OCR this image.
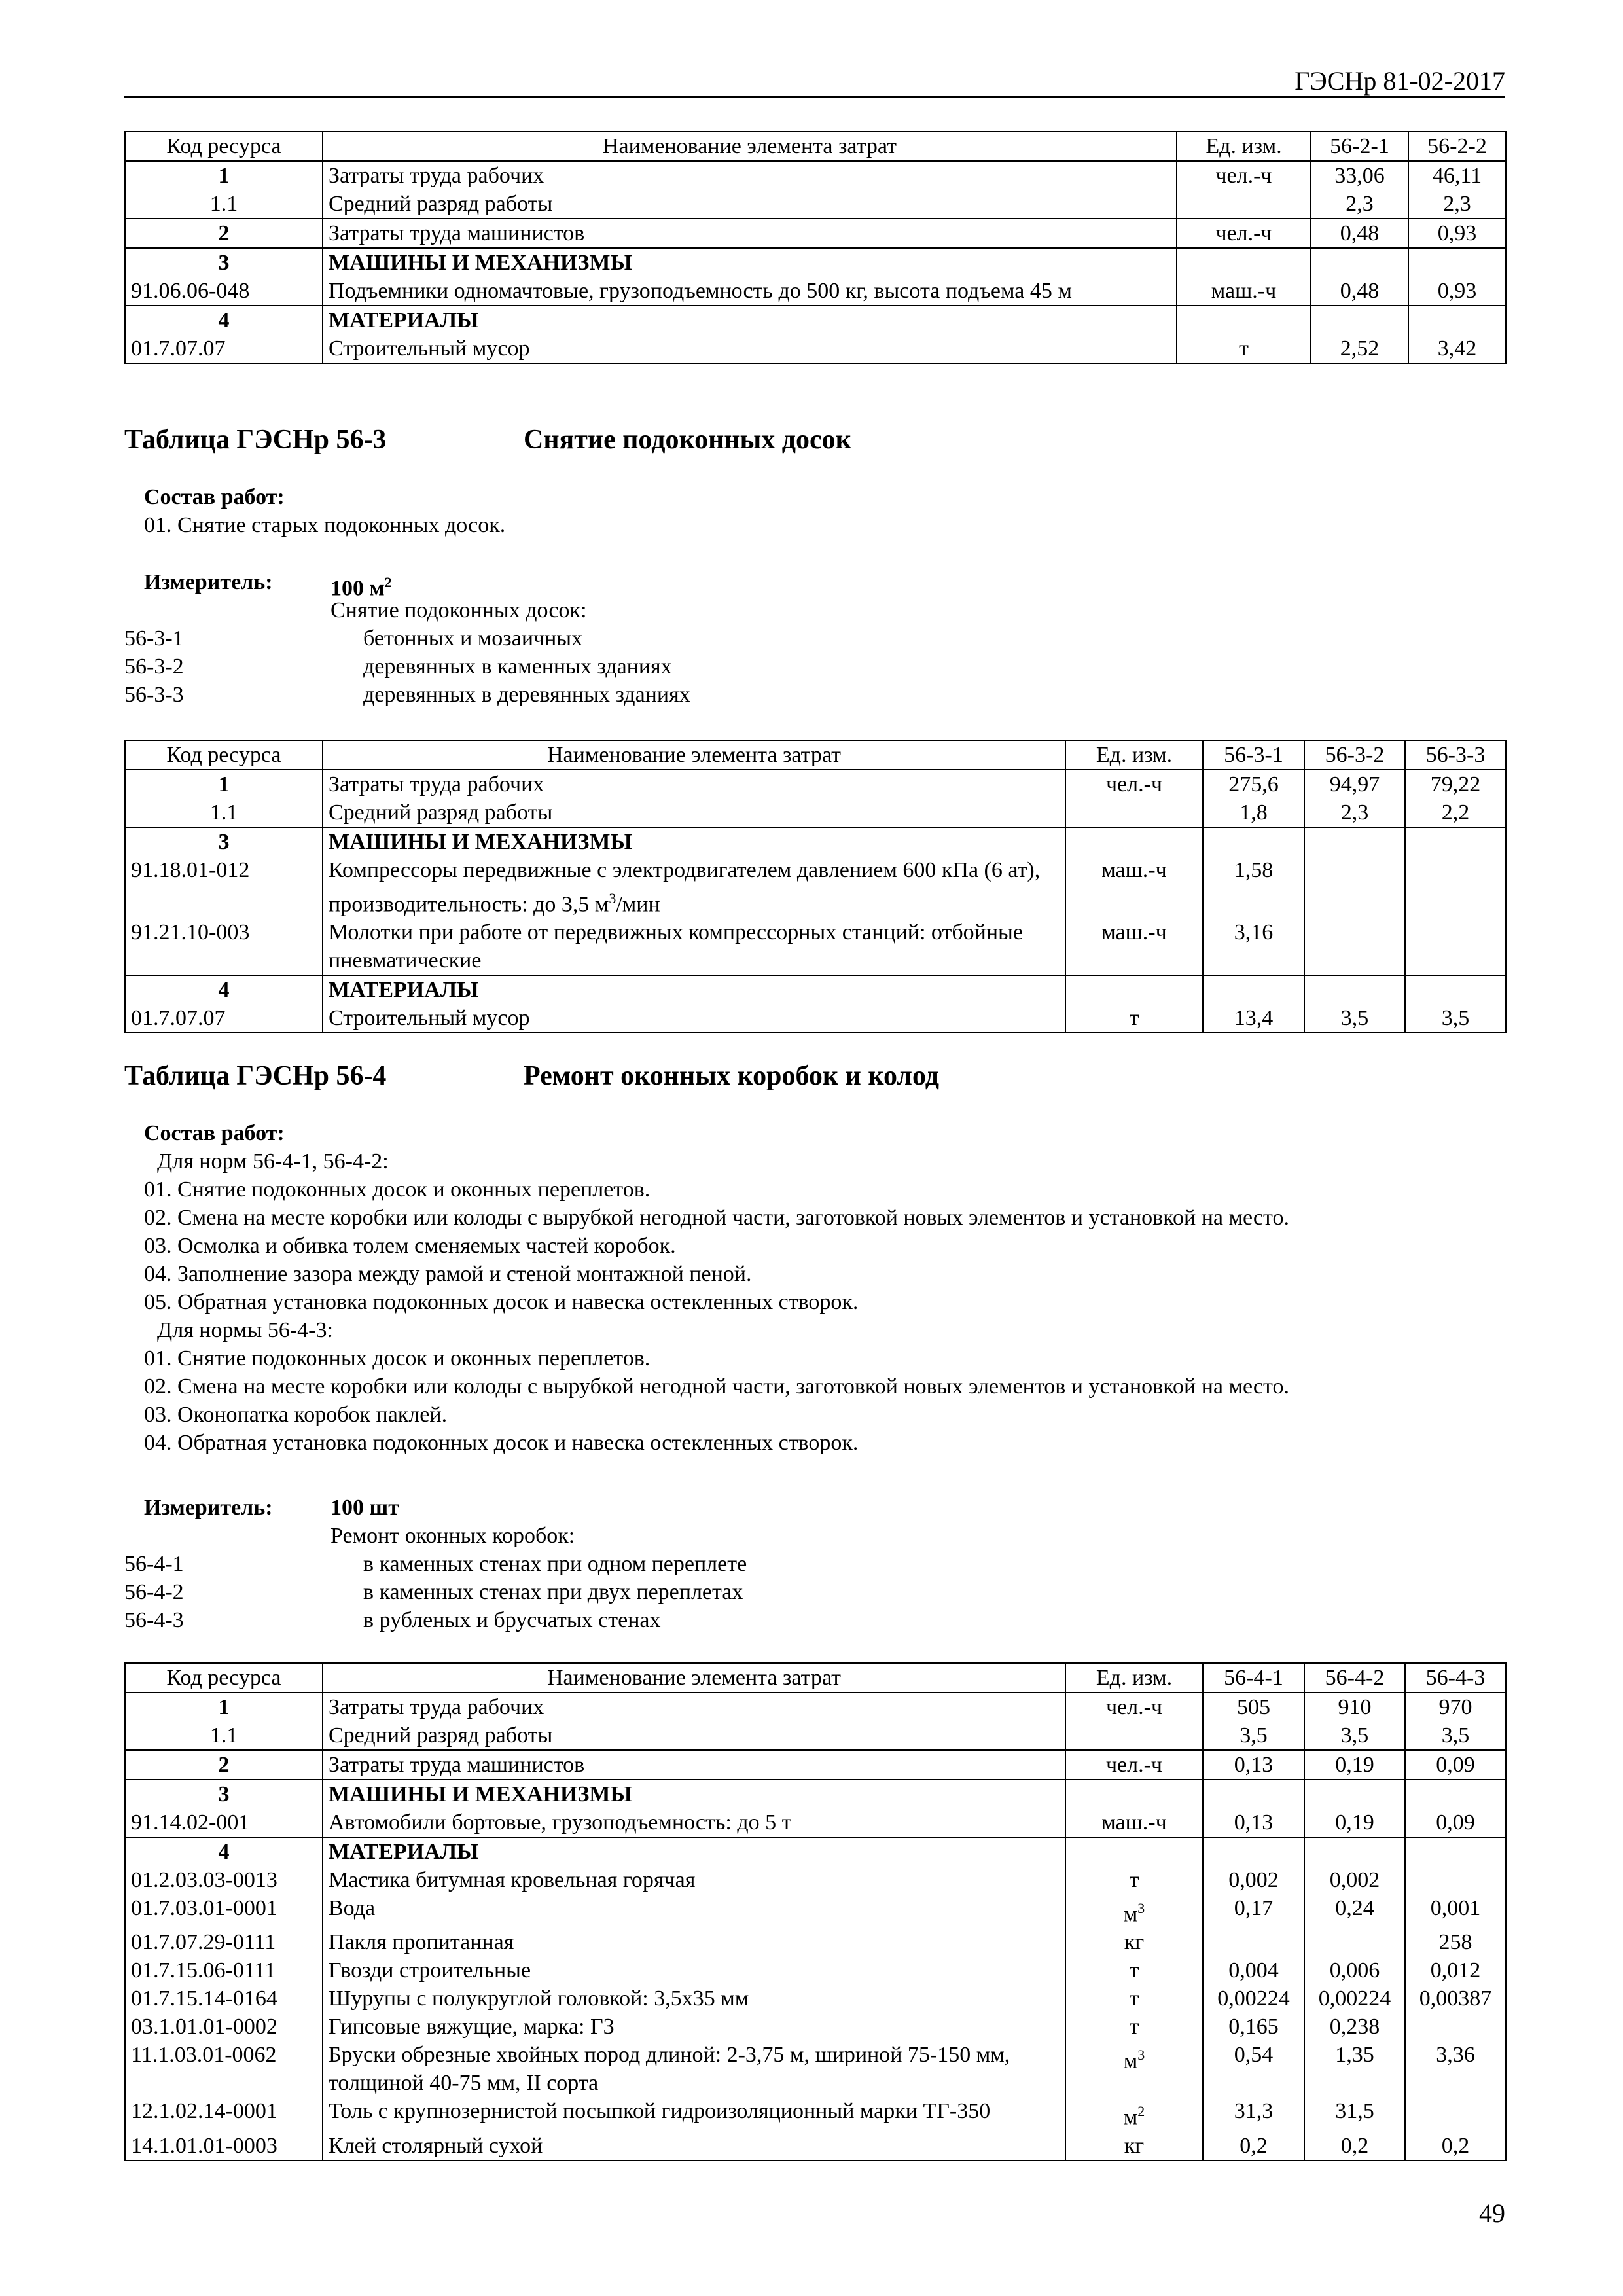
ГЭСНр 81-02-2017
Код ресурса	Наименование элемента затрат	Ед. изм.	56-2-1	56-2-2
1	Затраты труда рабочих	чел.-ч	33,06	46,11
1.1	Средний разряд работы		2,3	2,3
2	Затраты труда машинистов	чел.-ч	0,48	0,93
3	МАШИНЫ И МЕХАНИЗМЫ			
91.06.06-048	Подъемники одномачтовые, грузоподъемность до 500 кг, высота подъема 45 м	маш.-ч	0,48	0,93
4	МАТЕРИАЛЫ			
01.7.07.07	Строительный мусор	т	2,52	3,42
Таблица ГЭСНр 56-3	Снятие подоконных досок
Состав работ:
01. Снятие старых подоконных досок.
Измеритель:	100 $м^2$
Снятие подоконных досок:
56-3-1	бетонных и мозаичных
56-3-2	деревянных в каменных зданиях
56-3-3	деревянных в деревянных зданиях
Код ресурса	Наименование элемента затрат	Ед. изм.	56-3-1	56-3-2	56-3-3
1	Затраты труда рабочих	чел.-ч	275,6	94,97	79,22
1.1	Средний разряд работы		1,8	2,3	2,2
3	МАШИНЫ И МЕХАНИЗМЫ				
91.18.01-012	Компрессоры передвижные с электродвигателем давлением 600 кПа (6 ат), производительность: до 3,5 $м^3$/мин	маш.-ч	1,58		
91.21.10-003	Молотки при работе от передвижных компрессорных станций: отбойные пневматические	маш.-ч	3,16		
4	МАТЕРИАЛЫ				
01.7.07.07	Строительный мусор	т	13,4	3,5	3,5
Таблица ГЭСНр 56-4	Ремонт оконных коробок и колод
Состав работ:
Для норм 56-4-1, 56-4-2:
01. Снятие подоконных досок и оконных переплетов.
02. Смена на месте коробки или колоды с вырубкой негодной части, заготовкой новых элементов и установкой на место.
03. Осмолка и обивка толем сменяемых частей коробок.
04. Заполнение зазора между рамой и стеной монтажной пеной.
05. Обратная установка подоконных досок и навеска остекленных створок.
Для нормы 56-4-3:
01. Снятие подоконных досок и оконных переплетов.
02. Смена на месте коробки или колоды с вырубкой негодной части, заготовкой новых элементов и установкой на место.
03. Оконопатка коробок паклей.
04. Обратная установка подоконных досок и навеска остекленных створок.
Измеритель:	100 шт
Ремонт оконных коробок:
56-4-1	в каменных стенах при одном переплете
56-4-2	в каменных стенах при двух переплетах
56-4-3	в рубленых и брусчатых стенах
Код ресурса	Наименование элемента затрат	Ед. изм.	56-4-1	56-4-2	56-4-3
1	Затраты труда рабочих	чел.-ч	505	910	970
1.1	Средний разряд работы		3,5	3,5	3,5
2	Затраты труда машинистов	чел.-ч	0,13	0,19	0,09
3	МАШИНЫ И МЕХАНИЗМЫ				
91.14.02-001	Автомобили бортовые, грузоподъемность: до 5 т	маш.-ч	0,13	0,19	0,09
4	МАТЕРИАЛЫ				
01.2.03.03-0013	Мастика битумная кровельная горячая	т	0,002	0,002	
01.7.03.01-0001	Вода	$м^3$	0,17	0,24	0,001
01.7.07.29-0111	Пакля пропитанная	кг			258
01.7.15.06-0111	Гвозди строительные	т	0,004	0,006	0,012
01.7.15.14-0164	Шурупы с полукруглой головкой: 3,5х35 мм	т	0,00224	0,00224	0,00387
03.1.01.01-0002	Гипсовые вяжущие, марка: Г3	т	0,165	0,238	
11.1.03.01-0062	Бруски обрезные хвойных пород длиной: 2-3,75 м, шириной 75-150 мм, толщиной 40-75 мм, II сорта	$м^3$	0,54	1,35	3,36
12.1.02.14-0001	Толь с крупнозернистой посыпкой гидроизоляционный марки ТГ-350	$м^2$	31,3	31,5	
14.1.01.01-0003	Клей столярный сухой	кг	0,2	0,2	0,2
49
